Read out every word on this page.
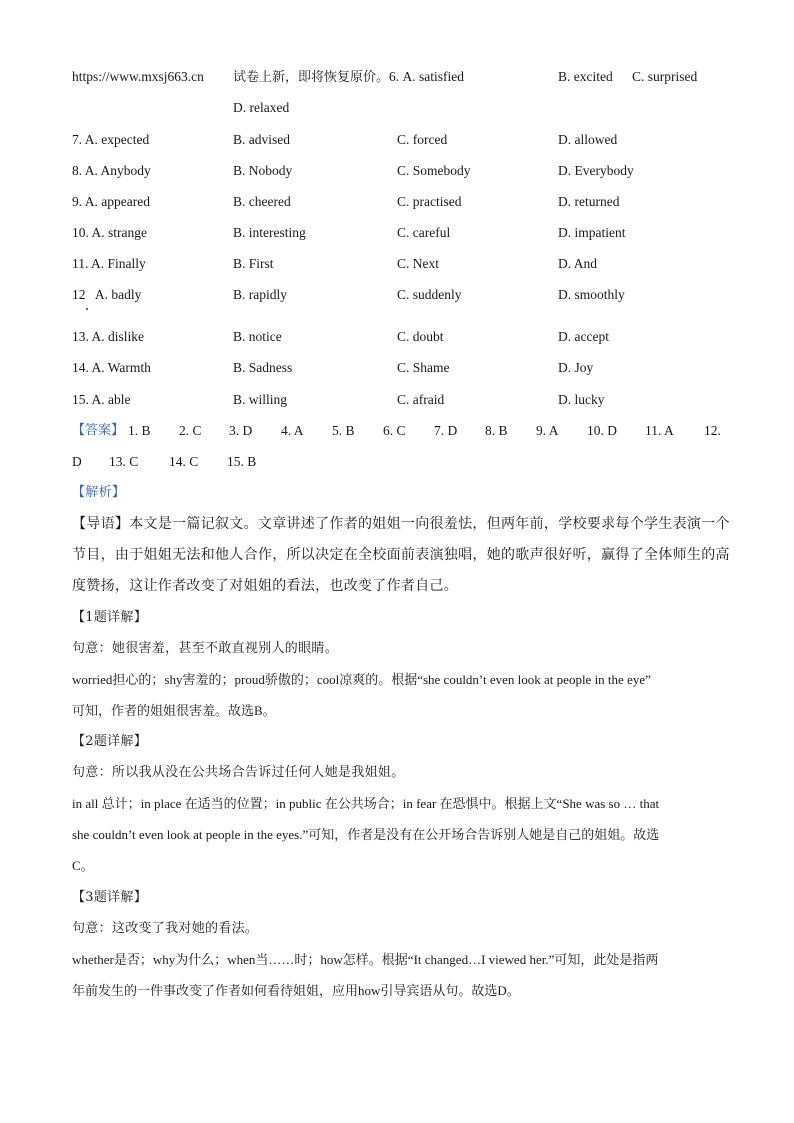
https://www.mxsj663.cn 试卷上新，即将恢复原价。6. A. satisfied	B. excited C. surprised
D. relaxed
7. A. expected	B. advised	C. forced	D. allowed
8. A. Anybody	B. Nobody	C. Somebody	D. Everybody
9. A. appeared	B. cheered	C. practised	D. returned
10. A. strange	B. interesting	C. careful	D. impatient
11. A. Finally	B. First	C. Next	D. And
12   A. badly	B. rapidly	C. suddenly	D. smoothly
13. A. dislike	B. notice	C. doubt	D. accept
14. A. Warmth	B. Sadness	C. Shame	D. Joy
15. A. able	B. willing	C. afraid	D. lucky
【答案】 1. B 2. C 3. D 4. A 5. B 6. C 7. D 8. B 9. A 10. D 11. A 12.
D 13. C 14. C 15. B
【解析】
【导语】本文是一篇记叙文。文章讲述了作者的姐姐一向很羞怯，但两年前，学校要求每个学生表演一个
节目，由于姐姐无法和他人合作，所以决定在全校面前表演独唱，她的歌声很好听，赢得了全体师生的高
度赞扬，这让作者改变了对姐姐的看法，也改变了作者自己。
【1题详解】
句意：她很害羞，甚至不敢直视别人的眼睛。
worried担心的；shy害羞的；proud骄傲的；cool凉爽的。根据“she couldn’t even look at people in the eye”
可知，作者的姐姐很害羞。故选B。
【2题详解】
句意：所以我从没在公共场合告诉过任何人她是我姐姐。
in all 总计；in place 在适当的位置；in public 在公共场合；in fear 在恐惧中。根据上文“She was so … that
she couldn’t even look at people in the eyes.”可知，作者是没有在公开场合告诉别人她是自己的姐姐。故选
C。
【3题详解】
句意：这改变了我对她的看法。
whether是否；why为什么；when当……时；how怎样。根据“It changed…I viewed her.”可知，此处是指两
年前发生的一件事改变了作者如何看待姐姐，应用how引导宾语从句。故选D。
